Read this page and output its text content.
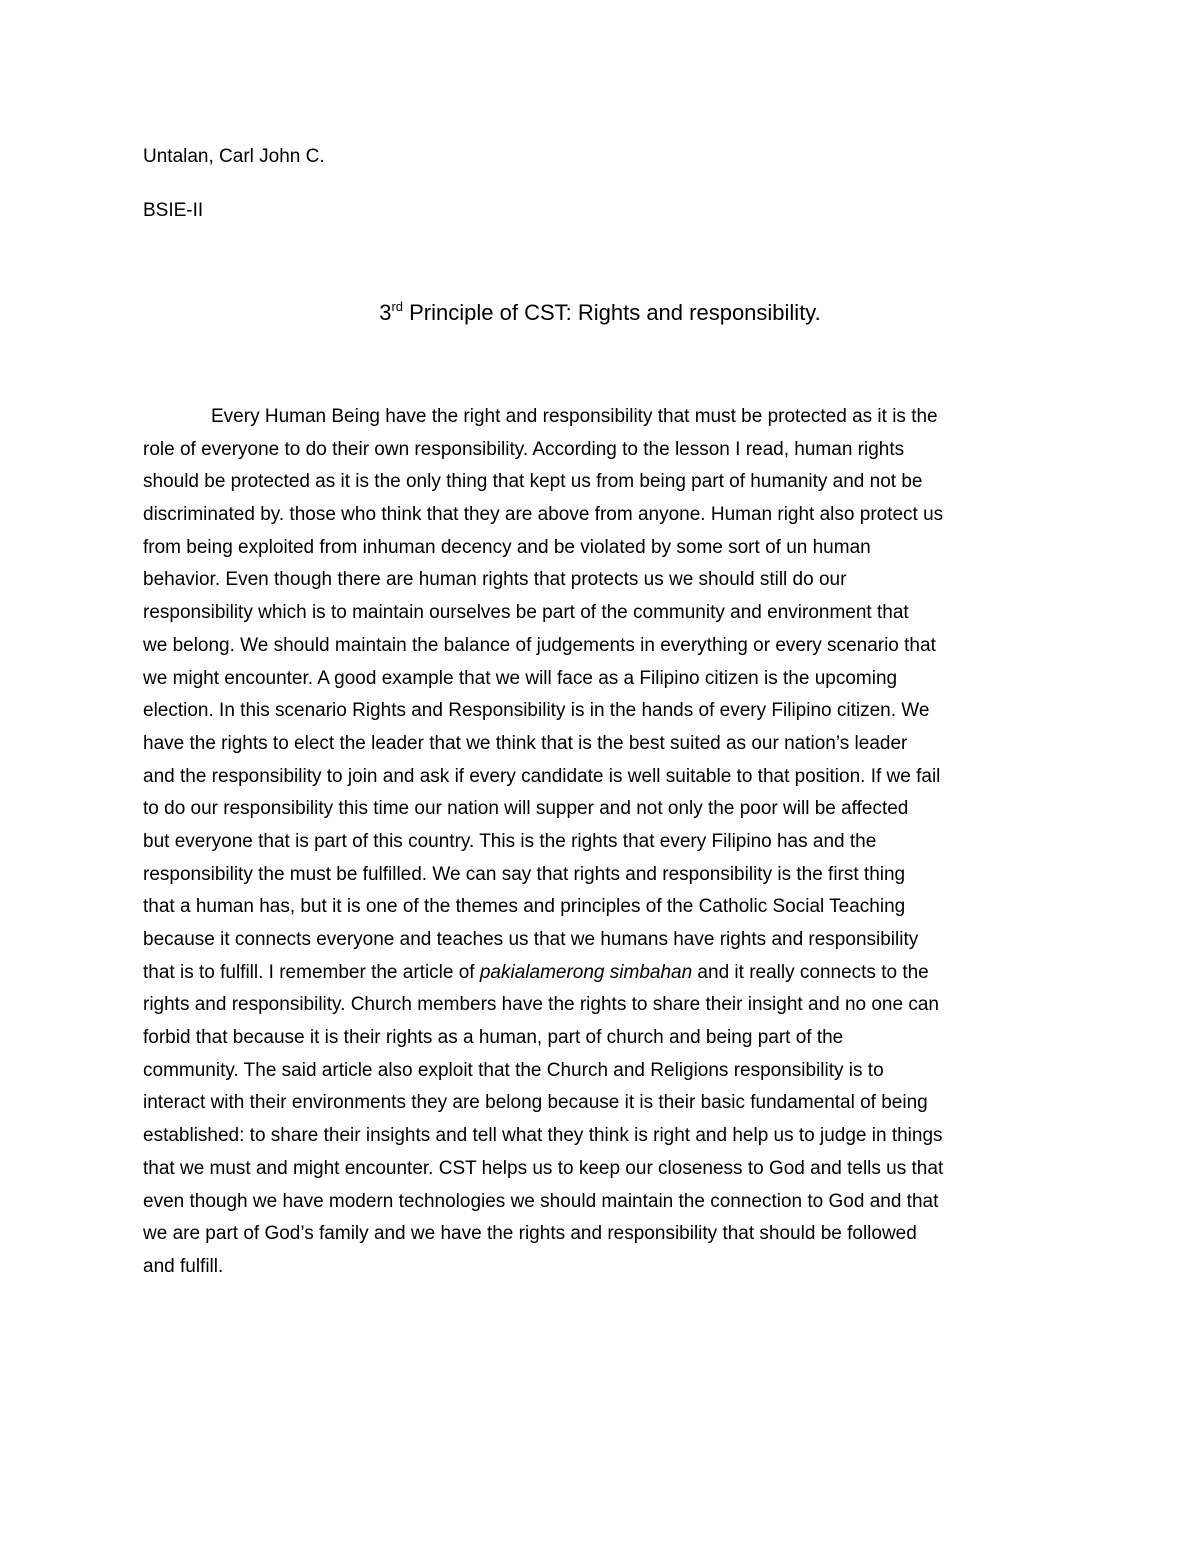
Untalan, Carl John C.
BSIE-II
3rd Principle of CST: Rights and responsibility.
Every Human Being have the right and responsibility that must be protected as it is the
role of everyone to do their own responsibility. According to the lesson I read, human rights
should be protected as it is the only thing that kept us from being part of humanity and not be
discriminated by. those who think that they are above from anyone. Human right also protect us
from being exploited from inhuman decency and be violated by some sort of un human
behavior. Even though there are human rights that protects us we should still do our
responsibility which is to maintain ourselves be part of the community and environment that
we belong. We should maintain the balance of judgements in everything or every scenario that
we might encounter. A good example that we will face as a Filipino citizen is the upcoming
election. In this scenario Rights and Responsibility is in the hands of every Filipino citizen. We
have the rights to elect the leader that we think that is the best suited as our nation’s leader
and the responsibility to join and ask if every candidate is well suitable to that position. If we fail
to do our responsibility this time our nation will supper and not only the poor will be affected
but everyone that is part of this country. This is the rights that every Filipino has and the
responsibility the must be fulfilled. We can say that rights and responsibility is the first thing
that a human has, but it is one of the themes and principles of the Catholic Social Teaching
because it connects everyone and teaches us that we humans have rights and responsibility
that is to fulfill. I remember the article of pakialamerong simbahan and it really connects to the
rights and responsibility. Church members have the rights to share their insight and no one can
forbid that because it is their rights as a human, part of church and being part of the
community. The said article also exploit that the Church and Religions responsibility is to
interact with their environments they are belong because it is their basic fundamental of being
established: to share their insights and tell what they think is right and help us to judge in things
that we must and might encounter. CST helps us to keep our closeness to God and tells us that
even though we have modern technologies we should maintain the connection to God and that
we are part of God’s family and we have the rights and responsibility that should be followed
and fulfill.
